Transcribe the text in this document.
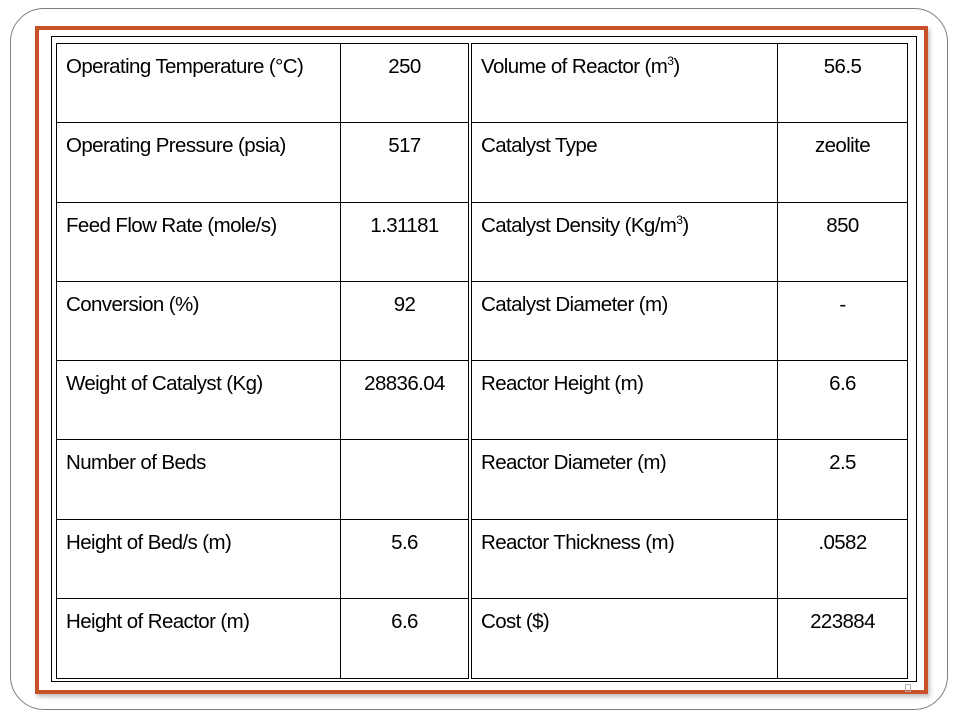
Operating Temperature (°C)	250
Operating Pressure (psia)	517
Feed Flow Rate (mole/s)	1.31181
Conversion (%)	92
Weight of Catalyst (Kg)	28836.04
Number of Beds
Height of Bed/s (m)	5.6
Height of Reactor (m)	6.6
Volume of Reactor $(m^3)$	56.5
Catalyst Type	zeolite
Catalyst Density $(Kg/m^3)$	850
Catalyst Diameter (m)	-
Reactor Height (m)	6.6
Reactor Diameter (m)	2.5
Reactor Thickness (m)	.0582
Cost ($)	223884
